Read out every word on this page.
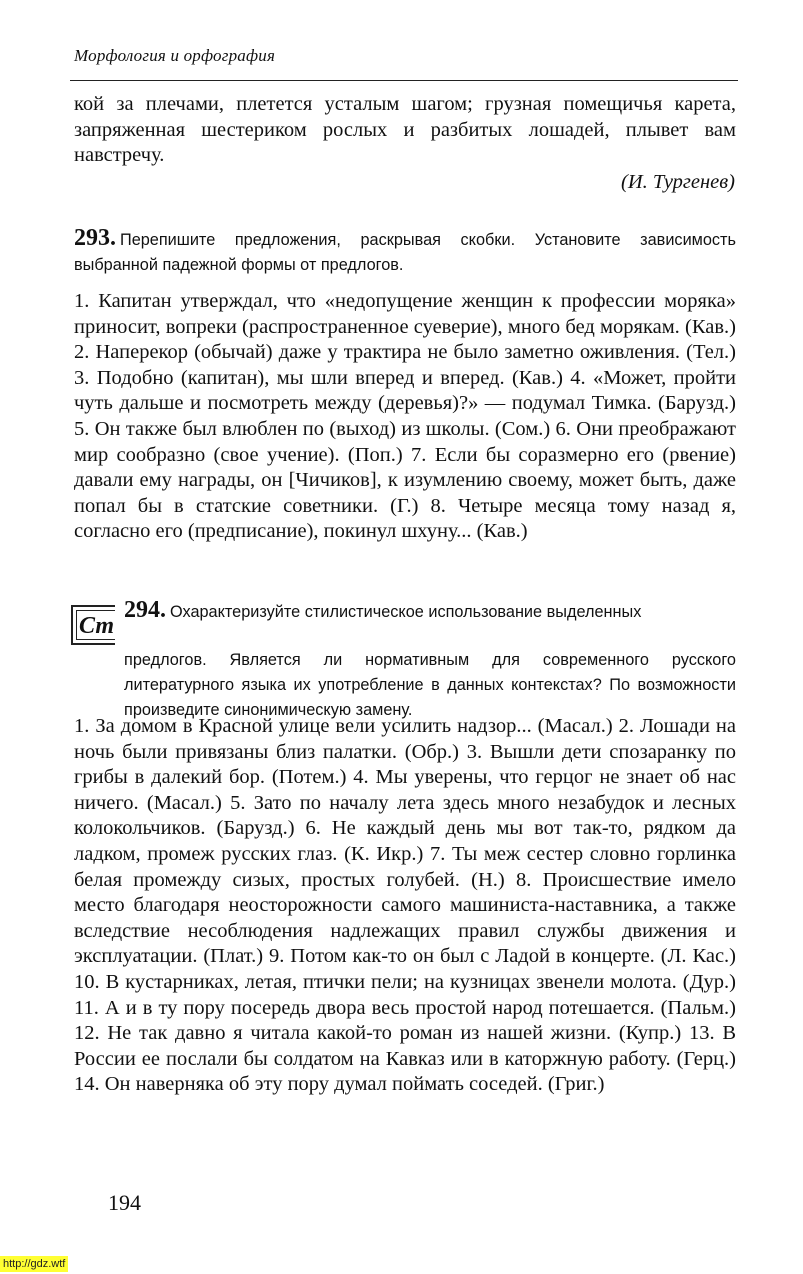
Морфология и орфография
кой за плечами, плетется усталым шагом; грузная помещичья карета, запряженная шестериком рослых и разбитых лошадей, плывет вам навстречу.
(И. Тургенев)
293. Перепишите предложения, раскрывая скобки. Установите зависимость выбранной падежной формы от предлогов.
1. Капитан утверждал, что «недопущение женщин к профессии моряка» приносит, вопреки (распространенное суеверие), много бед морякам. (Кав.) 2. Наперекор (обычай) даже у трактира не было заметно оживления. (Тел.) 3. Подобно (капитан), мы шли вперед и вперед. (Кав.) 4. «Может, пройти чуть дальше и посмотреть между (деревья)?» — подумал Тимка. (Барузд.) 5. Он также был влюблен по (выход) из школы. (Сом.) 6. Они преображают мир сообразно (свое учение). (Поп.) 7. Если бы соразмерно его (рвение) давали ему награды, он [Чичиков], к изумлению своему, может быть, даже попал бы в статские советники. (Г.) 8. Четыре месяца тому назад я, согласно его (предписание), покинул шхуну... (Кав.)
Ст
294. Охарактеризуйте стилистическое использование выделенных
предлогов. Является ли нормативным для современного русского литературного языка их употребление в данных контекстах? По возможности произведите синонимическую замену.
1. За домом в Красной улице вели усилить надзор... (Масал.) 2. Лошади на ночь были привязаны близ палатки. (Обр.) 3. Вышли дети спозаранку по грибы в далекий бор. (Потем.) 4. Мы уверены, что герцог не знает об нас ничего. (Масал.) 5. Зато по началу лета здесь много незабудок и лесных колокольчиков. (Барузд.) 6. Не каждый день мы вот так-то, рядком да ладком, промеж русских глаз. (К. Икр.) 7. Ты меж сестер словно горлинка белая промежду сизых, простых голубей. (Н.) 8. Происшествие имело место благодаря неосторожности самого машиниста-наставника, а также вследствие несоблюдения надлежащих правил службы движения и эксплуатации. (Плат.) 9. Потом как-то он был с Ладой в концерте. (Л. Кас.) 10. В кустарниках, летая, птички пели; на кузницах звенели молота. (Дур.) 11. А и в ту пору посередь двора весь простой народ потешается. (Пальм.) 12. Не так давно я читала какой-то роман из нашей жизни. (Купр.) 13. В России ее послали бы солдатом на Кавказ или в каторжную работу. (Герц.) 14. Он наверняка об эту пору думал поймать соседей. (Григ.)
194
http://gdz.wtf
